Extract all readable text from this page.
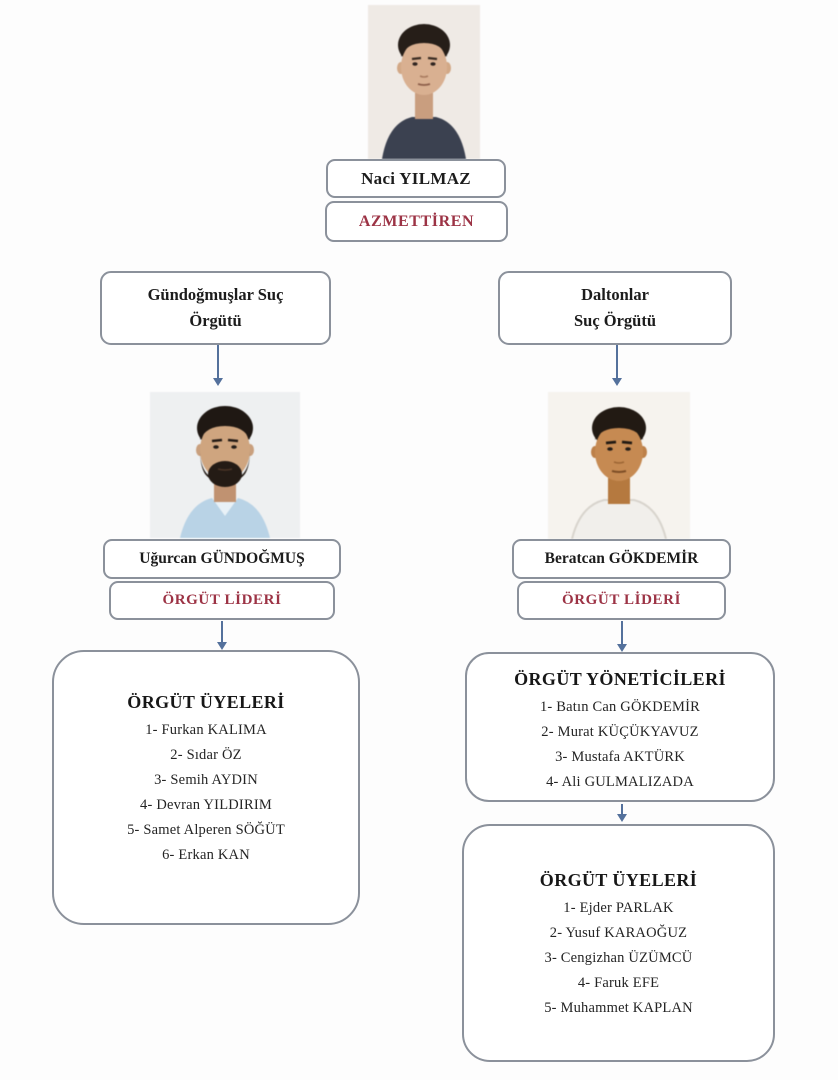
Naci YILMAZ
AZMETTİREN
Gündoğmuşlar Suç
Örgütü
Daltonlar
Suç Örgütü
Uğurcan GÜNDOĞMUŞ
ÖRGÜT LİDERİ
Beratcan GÖKDEMİR
ÖRGÜT LİDERİ
ÖRGÜT ÜYELERİ
1- Furkan KALIMA
2- Sıdar ÖZ
3- Semih AYDIN
4- Devran YILDIRIM
5- Samet Alperen SÖĞÜT
6- Erkan KAN
ÖRGÜT YÖNETİCİLERİ
1- Batın Can GÖKDEMİR
2- Murat KÜÇÜKYAVUZ
3- Mustafa AKTÜRK
4- Ali GULMALIZADA
ÖRGÜT ÜYELERİ
1- Ejder PARLAK
2- Yusuf KARAOĞUZ
3- Cengizhan ÜZÜMCÜ
4- Faruk EFE
5- Muhammet KAPLAN
